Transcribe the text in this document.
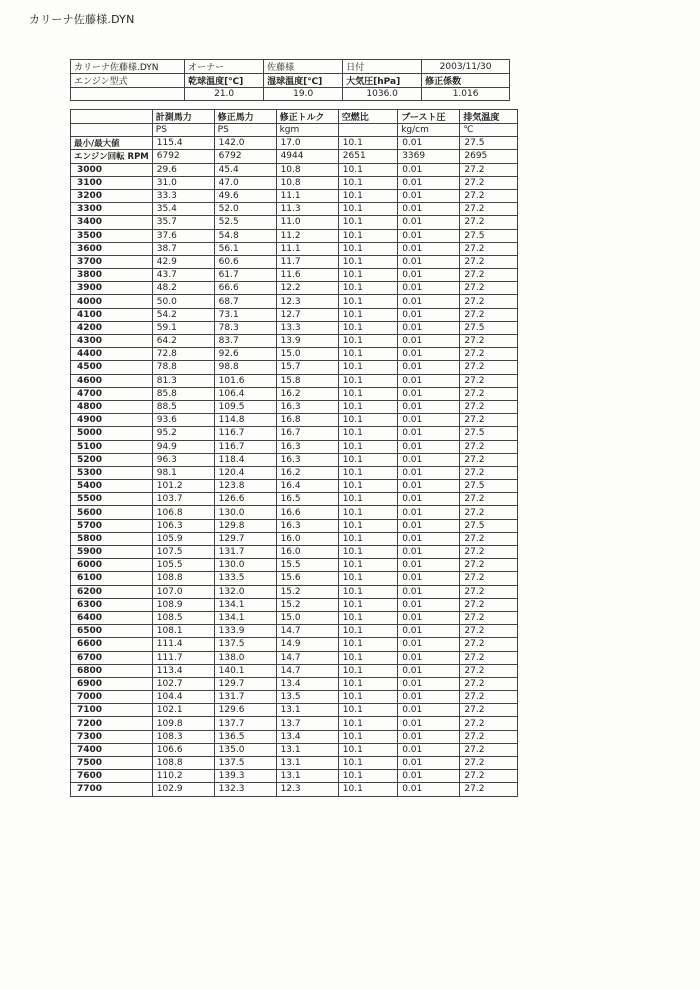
カリーナ佐藤様.DYN
カリーナ佐藤様.DYN	オーナー	佐藤様	日付	2003/11/30
エンジン型式	乾球温度[℃]	湿球温度[℃]	大気圧[hPa]	修正係数
	21.0	19.0	1036.0	1.016
	計測馬力	修正馬力	修正トルク	空燃比	ブースト圧	排気温度
	PS	PS	kgm		kg/cm	℃
最小/最大値	115.4	142.0	17.0	10.1	0.01	27.5
エンジン回転 RPM	6792	6792	4944	2651	3369	2695
3000	29.6	45.4	10.8	10.1	0.01	27.2
3100	31.0	47.0	10.8	10.1	0.01	27.2
3200	33.3	49.6	11.1	10.1	0.01	27.2
3300	35.4	52.0	11.3	10.1	0.01	27.2
3400	35.7	52.5	11.0	10.1	0.01	27.2
3500	37.6	54.8	11.2	10.1	0.01	27.5
3600	38.7	56.1	11.1	10.1	0.01	27.2
3700	42.9	60.6	11.7	10.1	0.01	27.2
3800	43.7	61.7	11.6	10.1	0.01	27.2
3900	48.2	66.6	12.2	10.1	0.01	27.2
4000	50.0	68.7	12.3	10.1	0.01	27.2
4100	54.2	73.1	12.7	10.1	0.01	27.2
4200	59.1	78.3	13.3	10.1	0.01	27.5
4300	64.2	83.7	13.9	10.1	0.01	27.2
4400	72.8	92.6	15.0	10.1	0.01	27.2
4500	78.8	98.8	15.7	10.1	0.01	27.2
4600	81.3	101.6	15.8	10.1	0.01	27.2
4700	85.8	106.4	16.2	10.1	0.01	27.2
4800	88.5	109.5	16.3	10.1	0.01	27.2
4900	93.6	114.8	16.8	10.1	0.01	27.2
5000	95.2	116.7	16.7	10.1	0.01	27.5
5100	94.9	116.7	16.3	10.1	0.01	27.2
5200	96.3	118.4	16.3	10.1	0.01	27.2
5300	98.1	120.4	16.2	10.1	0.01	27.2
5400	101.2	123.8	16.4	10.1	0.01	27.5
5500	103.7	126.6	16.5	10.1	0.01	27.2
5600	106.8	130.0	16.6	10.1	0.01	27.2
5700	106.3	129.8	16.3	10.1	0.01	27.5
5800	105.9	129.7	16.0	10.1	0.01	27.2
5900	107.5	131.7	16.0	10.1	0.01	27.2
6000	105.5	130.0	15.5	10.1	0.01	27.2
6100	108.8	133.5	15.6	10.1	0.01	27.2
6200	107.0	132.0	15.2	10.1	0.01	27.2
6300	108.9	134.1	15.2	10.1	0.01	27.2
6400	108.5	134.1	15.0	10.1	0.01	27.2
6500	108.1	133.9	14.7	10.1	0.01	27.2
6600	111.4	137.5	14.9	10.1	0.01	27.2
6700	111.7	138.0	14.7	10.1	0.01	27.2
6800	113.4	140.1	14.7	10.1	0.01	27.2
6900	102.7	129.7	13.4	10.1	0.01	27.2
7000	104.4	131.7	13.5	10.1	0.01	27.2
7100	102.1	129.6	13.1	10.1	0.01	27.2
7200	109.8	137.7	13.7	10.1	0.01	27.2
7300	108.3	136.5	13.4	10.1	0.01	27.2
7400	106.6	135.0	13.1	10.1	0.01	27.2
7500	108.8	137.5	13.1	10.1	0.01	27.2
7600	110.2	139.3	13.1	10.1	0.01	27.2
7700	102.9	132.3	12.3	10.1	0.01	27.2
